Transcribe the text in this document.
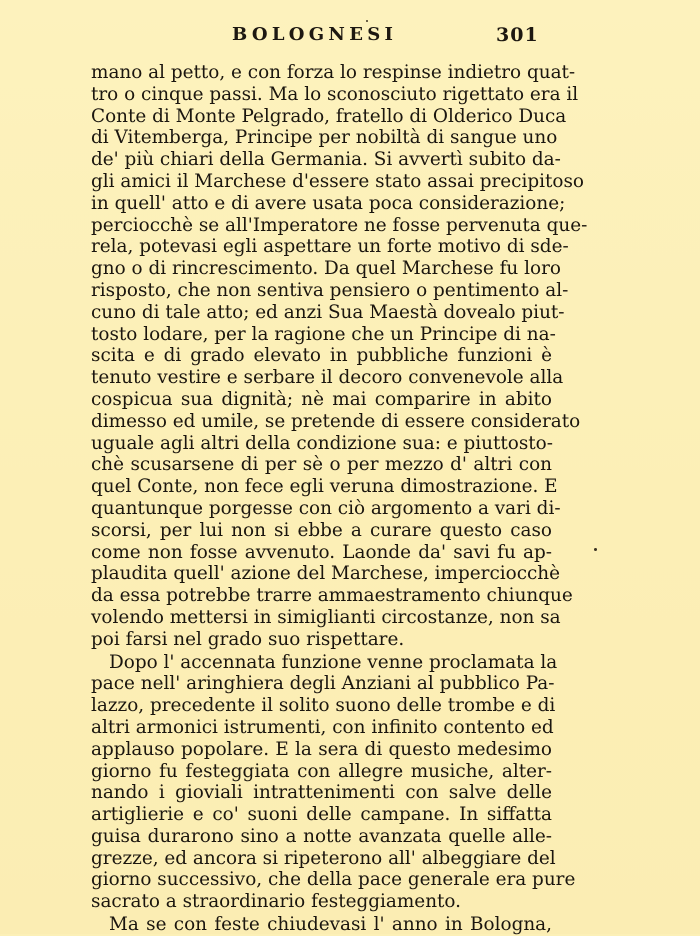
BOLOGNESI	301
mano al petto, e con forza lo respinse indietro quat-
tro o cinque passi. Ma lo sconosciuto rigettato era il
Conte di Monte Pelgrado, fratello di Olderico Duca
di Vitemberga, Principe per nobiltà di sangue uno
de' più chiari della Germania. Si avvertì subito da-
gli amici il Marchese d'essere stato assai precipitoso
in quell' atto e di avere usata poca considerazione;
perciocchè se all'Imperatore ne fosse pervenuta que-
rela, potevasi egli aspettare un forte motivo di sde-
gno o di rincrescimento. Da quel Marchese fu loro
risposto, che non sentiva pensiero o pentimento al-
cuno di tale atto; ed anzi Sua Maestà dovealo piut-
tosto lodare, per la ragione che un Principe di na-
scita e di grado elevato in pubbliche funzioni è
tenuto vestire e serbare il decoro convenevole alla
cospicua sua dignità; nè mai comparire in abito
dimesso ed umile, se pretende di essere considerato
uguale agli altri della condizione sua: e piuttosto-
chè scusarsene di per sè o per mezzo d' altri con
quel Conte, non fece egli veruna dimostrazione. E
quantunque porgesse con ciò argomento a vari di-
scorsi, per lui non si ebbe a curare questo caso
come non fosse avvenuto. Laonde da' savi fu ap-
plaudita quell' azione del Marchese, imperciocchè
da essa potrebbe trarre ammaestramento chiunque
volendo mettersi in simiglianti circostanze, non sa
poi farsi nel grado suo rispettare.
Dopo l' accennata funzione venne proclamata la
pace nell' aringhiera degli Anziani al pubblico Pa-
lazzo, precedente il solito suono delle trombe e di
altri armonici istrumenti, con infinito contento ed
applauso popolare. E la sera di questo medesimo
giorno fu festeggiata con allegre musiche, alter-
nando i gioviali intrattenimenti con salve delle
artiglierie e co' suoni delle campane. In siffatta
guisa durarono sino a notte avanzata quelle alle-
grezze, ed ancora si ripeterono all' albeggiare del
giorno successivo, che della pace generale era pure
sacrato a straordinario festeggiamento.
Ma se con feste chiudevasi l' anno in Bologna,
